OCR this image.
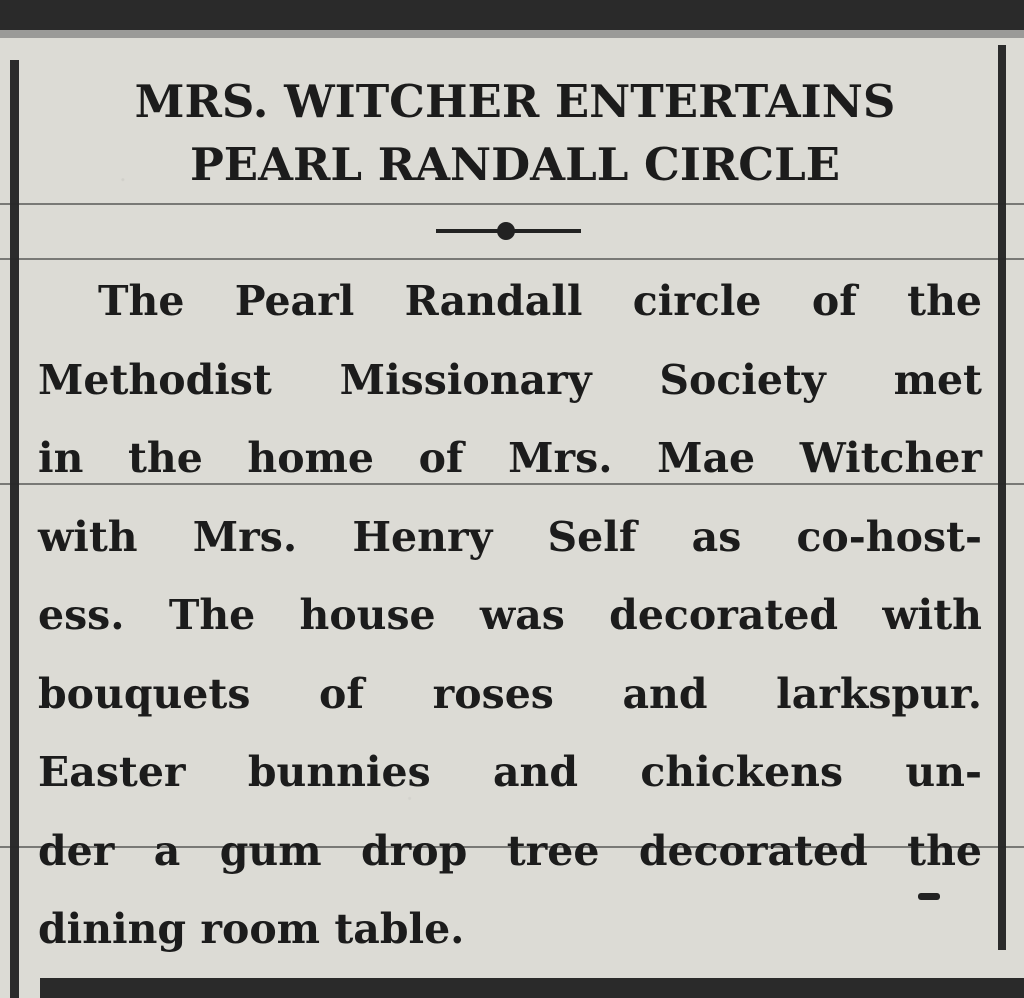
MRS. WITCHER ENTERTAINS
PEARL RANDALL CIRCLE
The Pearl Randall circle of the
Methodist Missionary Society met
in the home of Mrs. Mae Witcher
with Mrs. Henry Self as co-host-
ess. The house was decorated with
bouquets of roses and larkspur.
Easter bunnies and chickens un-
der a gum drop tree decorated the
dining room table.
